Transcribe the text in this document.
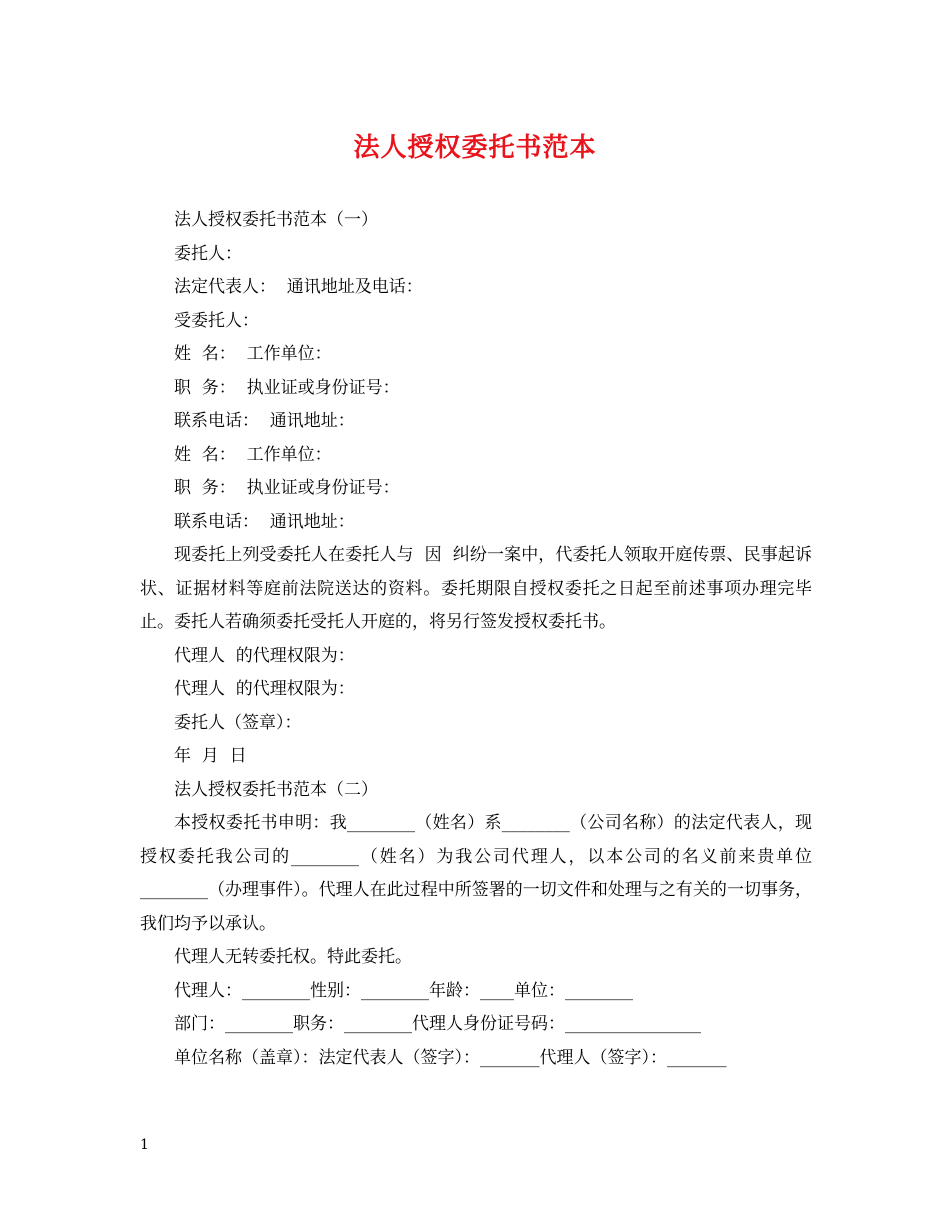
法人授权委托书范本

法人授权委托书范本（一）

委托人：

法定代表人：  通讯地址及电话：

受委托人：

姓  名：  工作单位：

职  务：  执业证或身份证号：

联系电话：  通讯地址：

姓  名：  工作单位：

职  务：  执业证或身份证号：

联系电话：  通讯地址：

现委托上列受委托人在委托人与  因  纠纷一案中，代委托人领取开庭传票、民事起诉状、证据材料等庭前法院送达的资料。委托期限自授权委托之日起至前述事项办理完毕止。委托人若确须委托受托人开庭的，将另行签发授权委托书。

代理人  的代理权限为：

代理人  的代理权限为：

委托人（签章）：

年  月  日

法人授权委托书范本（二）

本授权委托书申明：我________（姓名）系________（公司名称）的法定代表人，现授权委托我公司的________（姓名）为我公司代理人，以本公司的名义前来贵单位________（办理事件）。代理人在此过程中所签署的一切文件和处理与之有关的一切事务，我们均予以承认。

代理人无转委托权。特此委托。

代理人：________性别：________年龄：____单位：________

部门：________职务：________代理人身份证号码：________________

单位名称（盖章）：法定代表人（签字）：_______代理人（签字）：_______

1
